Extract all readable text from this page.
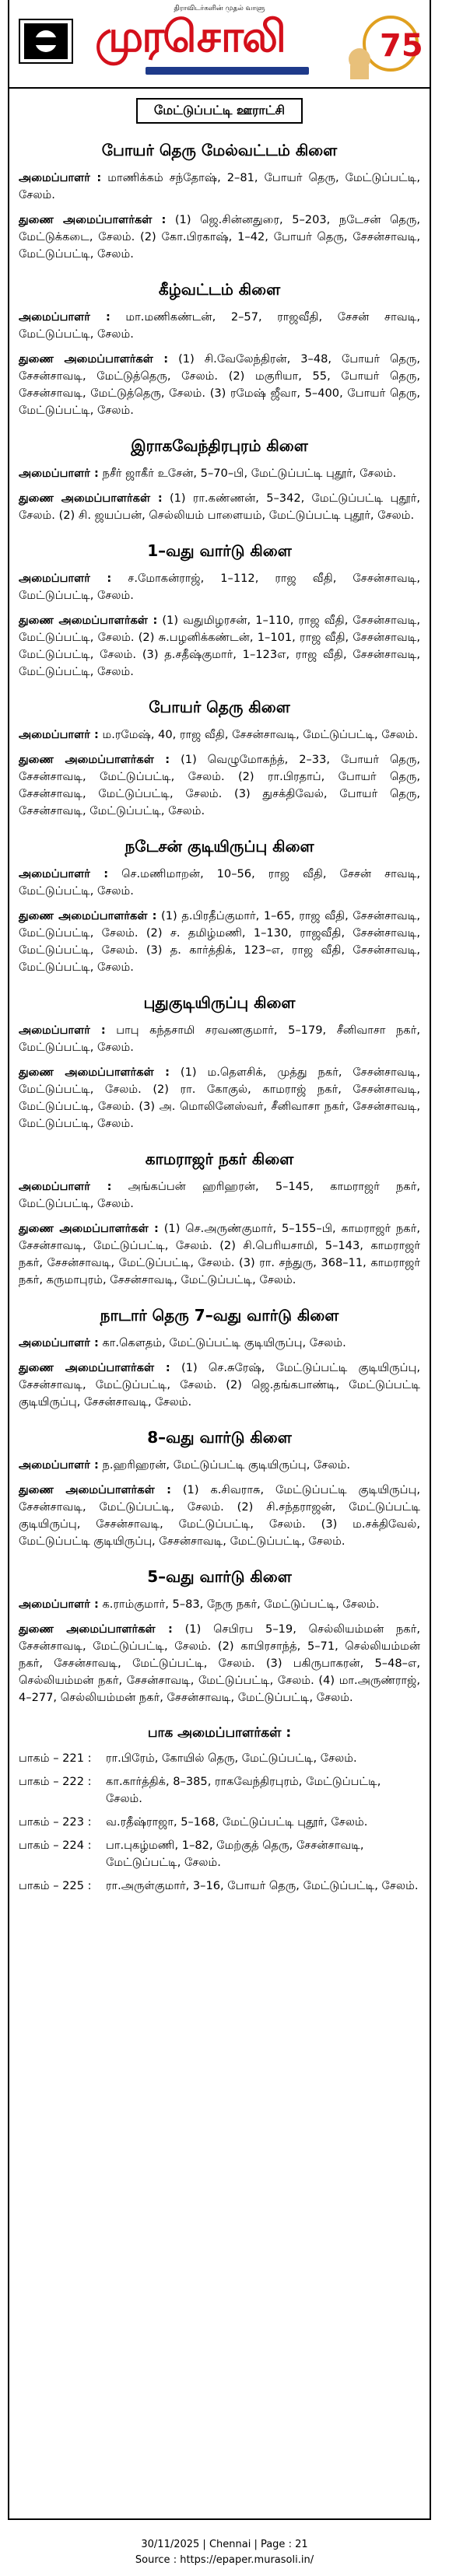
திராவிடர்களின் முதல் வாளு
முரசொலி	75
மேட்டுப்பட்டி ஊராட்சி
போயர் தெரு மேல்வட்டம் கிளை

அமைப்பாளர் : மாணிக்கம் சந்தோஷ், 2–81, போயர் தெரு, மேட்டுப்பட்டி, சேலம்.

துணை அமைப்பாளர்கள் : (1) ஜெ.சின்னதுரை, 5–203, நடேசன் தெரு, மேட்டுக்கடை, சேலம். (2) கோ.பிரகாஷ், 1–42, போயர் தெரு, சேசன்சாவடி, மேட்டுப்பட்டி, சேலம்.

கீழ்வட்டம் கிளை

அமைப்பாளர் : மா.மணிகண்டன், 2–57, ராஜவீதி, சேசன் சாவடி, மேட்டுப்பட்டி, சேலம்.

துணை அமைப்பாளர்கள் : (1) சி.வேலேந்திரன், 3–48, போயர் தெரு, சேசன்சாவடி, மேட்டுத்தெரு, சேலம். (2) மகுரியா, 55, போயர் தெரு, சேசன்சாவடி, மேட்டுத்தெரு, சேலம். (3) ரமேஷ் ஜீவா, 5–400, போயர் தெரு, மேட்டுப்பட்டி, சேலம்.

இராகவேந்திரபுரம் கிளை

அமைப்பாளர் : நசீர் ஜாகீர் உசேன், 5–70–பி, மேட்டுப்பட்டி புதூர், சேலம்.

துணை அமைப்பாளர்கள் : (1) ரா.கண்ணன், 5–342, மேட்டுப்பட்டி புதூர், சேலம். (2) சி. ஜயப்பன், செல்லியம் பாளையம், மேட்டுப்பட்டி புதூர், சேலம்.

1–வது வார்டு கிளை

அமைப்பாளர் : ச.மோகன்ராஜ், 1–112, ராஜ வீதி, சேசன்சாவடி, மேட்டுப்பட்டி, சேலம்.

துணை அமைப்பாளர்கள் : (1) வதுமிழரசன், 1–110, ராஜ வீதி, சேசன்சாவடி, மேட்டுப்பட்டி, சேலம். (2) சு.பழனிக்கண்டன், 1–101, ராஜ வீதி, சேசன்சாவடி, மேட்டுப்பட்டி, சேலம். (3) த.சதீஷ்குமார், 1–123எ, ராஜ வீதி, சேசன்சாவடி, மேட்டுப்பட்டி, சேலம்.

போயர் தெரு கிளை

அமைப்பாளர் : ம.ரமேஷ், 40, ராஜ வீதி, சேசன்சாவடி, மேட்டுப்பட்டி, சேலம்.

துணை அமைப்பாளர்கள் : (1) வெழுமோகந்த், 2–33, போயர் தெரு, சேசன்சாவடி, மேட்டுப்பட்டி, சேலம். (2) ரா.பிரதாப், போயர் தெரு, சேசன்சாவடி, மேட்டுப்பட்டி, சேலம். (3) துசக்திவேல், போயர் தெரு, சேசன்சாவடி, மேட்டுப்பட்டி, சேலம்.

நடேசன் குடியிருப்பு கிளை

அமைப்பாளர் : செ.மணிமாறன், 10–56, ராஜ வீதி, சேசன் சாவடி, மேட்டுப்பட்டி, சேலம்.

துணை அமைப்பாளர்கள் : (1) த.பிரதீப்குமார், 1–65, ராஜ வீதி, சேசன்சாவடி, மேட்டுப்பட்டி, சேலம். (2) ச. தமிழ்மணி, 1–130, ராஜவீதி, சேசன்சாவடி, மேட்டுப்பட்டி, சேலம். (3) த. கார்த்திக், 123–எ, ராஜ வீதி, சேசன்சாவடி, மேட்டுப்பட்டி, சேலம்.

புதுகுடியிருப்பு கிளை

அமைப்பாளர் : பாபு கந்தசாமி சரவணகுமார், 5–179, சீனிவாசா நகர், மேட்டுப்பட்டி, சேலம்.

துணை அமைப்பாளர்கள் : (1) ம.தெளசிக், முத்து நகர், சேசன்சாவடி, மேட்டுப்பட்டி, சேலம். (2) ரா. கோகுல், காமராஜ் நகர், சேசன்சாவடி, மேட்டுப்பட்டி, சேலம். (3) அ. மொலினேஸ்வர், சீனிவாசா நகர், சேசன்சாவடி, மேட்டுப்பட்டி, சேலம்.

காமராஜர் நகர் கிளை

அமைப்பாளர் : அங்கப்பன் ஹரிஹரன், 5–145, காமராஜர் நகர், மேட்டுப்பட்டி, சேலம்.

துணை அமைப்பாளர்கள் : (1) செ.அருண்குமார், 5–155–பி, காமராஜர் நகர், சேசன்சாவடி, மேட்டுப்பட்டி, சேலம். (2) சி.பெரியசாமி, 5–143, காமராஜர் நகர், சேசன்சாவடி, மேட்டுப்பட்டி, சேலம். (3) ரா. சந்துரு, 368–11, காமராஜர் நகர், கருமாபுரம், சேசன்சாவடி, மேட்டுப்பட்டி, சேலம்.

நாடார் தெரு 7–வது வார்டு கிளை

அமைப்பாளர் : கா.கௌதம், மேட்டுப்பட்டி குடியிருப்பு, சேலம்.

துணை அமைப்பாளர்கள் : (1) செ.சுரேஷ், மேட்டுப்பட்டி குடியிருப்பு, சேசன்சாவடி, மேட்டுப்பட்டி, சேலம். (2) ஜெ.தங்கபாண்டி, மேட்டுப்பட்டி குடியிருப்பு, சேசன்சாவடி, சேலம்.

8–வது வார்டு கிளை

அமைப்பாளர் : ந.ஹரிஹரன், மேட்டுப்பட்டி குடியிருப்பு, சேலம்.

துணை அமைப்பாளர்கள் : (1) க.சிவராசு, மேட்டுப்பட்டி குடியிருப்பு, சேசன்சாவடி, மேட்டுப்பட்டி, சேலம். (2) சி.சந்தராஜன், மேட்டுப்பட்டி குடியிருப்பு, சேசன்சாவடி, மேட்டுப்பட்டி, சேலம். (3) ம.சக்திவேல், மேட்டுப்பட்டி குடியிருப்பு, சேசன்சாவடி, மேட்டுப்பட்டி, சேலம்.

5–வது வார்டு கிளை

அமைப்பாளர் : க.ராம்குமார், 5–83, நேரு நகர், மேட்டுப்பட்டி, சேலம்.

துணை அமைப்பாளர்கள் : (1) செபிரப 5–19, செல்லியம்மன் நகர், சேசன்சாவடி, மேட்டுப்பட்டி, சேலம். (2) காபிரசாந்த், 5–71, செல்லியம்மன் நகர், சேசன்சாவடி, மேட்டுப்பட்டி, சேலம். (3) பகிருபாகரன், 5–48–எ, செல்லியம்மன் நகர், சேசன்சாவடி, மேட்டுப்பட்டி, சேலம். (4) மா.அருண்ராஜ், 4–277, செல்லியம்மன் நகர், சேசன்சாவடி, மேட்டுப்பட்டி, சேலம்.

பாக அமைப்பாளர்கள் :
பாகம் – 221 :	ரா.பிரேம், கோயில் தெரு, மேட்டுப்பட்டி, சேலம்.
பாகம் – 222 :	கா.கார்த்திக், 8–385, ராகவேந்திரபுரம், மேட்டுப்பட்டி, சேலம்.
பாகம் – 223 :	வ.ரதீஷ்ராஜா, 5–168, மேட்டுப்பட்டி புதூர், சேலம்.
பாகம் – 224 :	பா.புகழ்மணி, 1–82, மேற்குத் தெரு, சேசன்சாவடி, மேட்டுப்பட்டி, சேலம்.
பாகம் – 225 :	ரா.அருள்குமார், 3–16, போயர் தெரு, மேட்டுப்பட்டி, சேலம்.
30/11/2025 | Chennai | Page : 21
Source : https://epaper.murasoli.in/
